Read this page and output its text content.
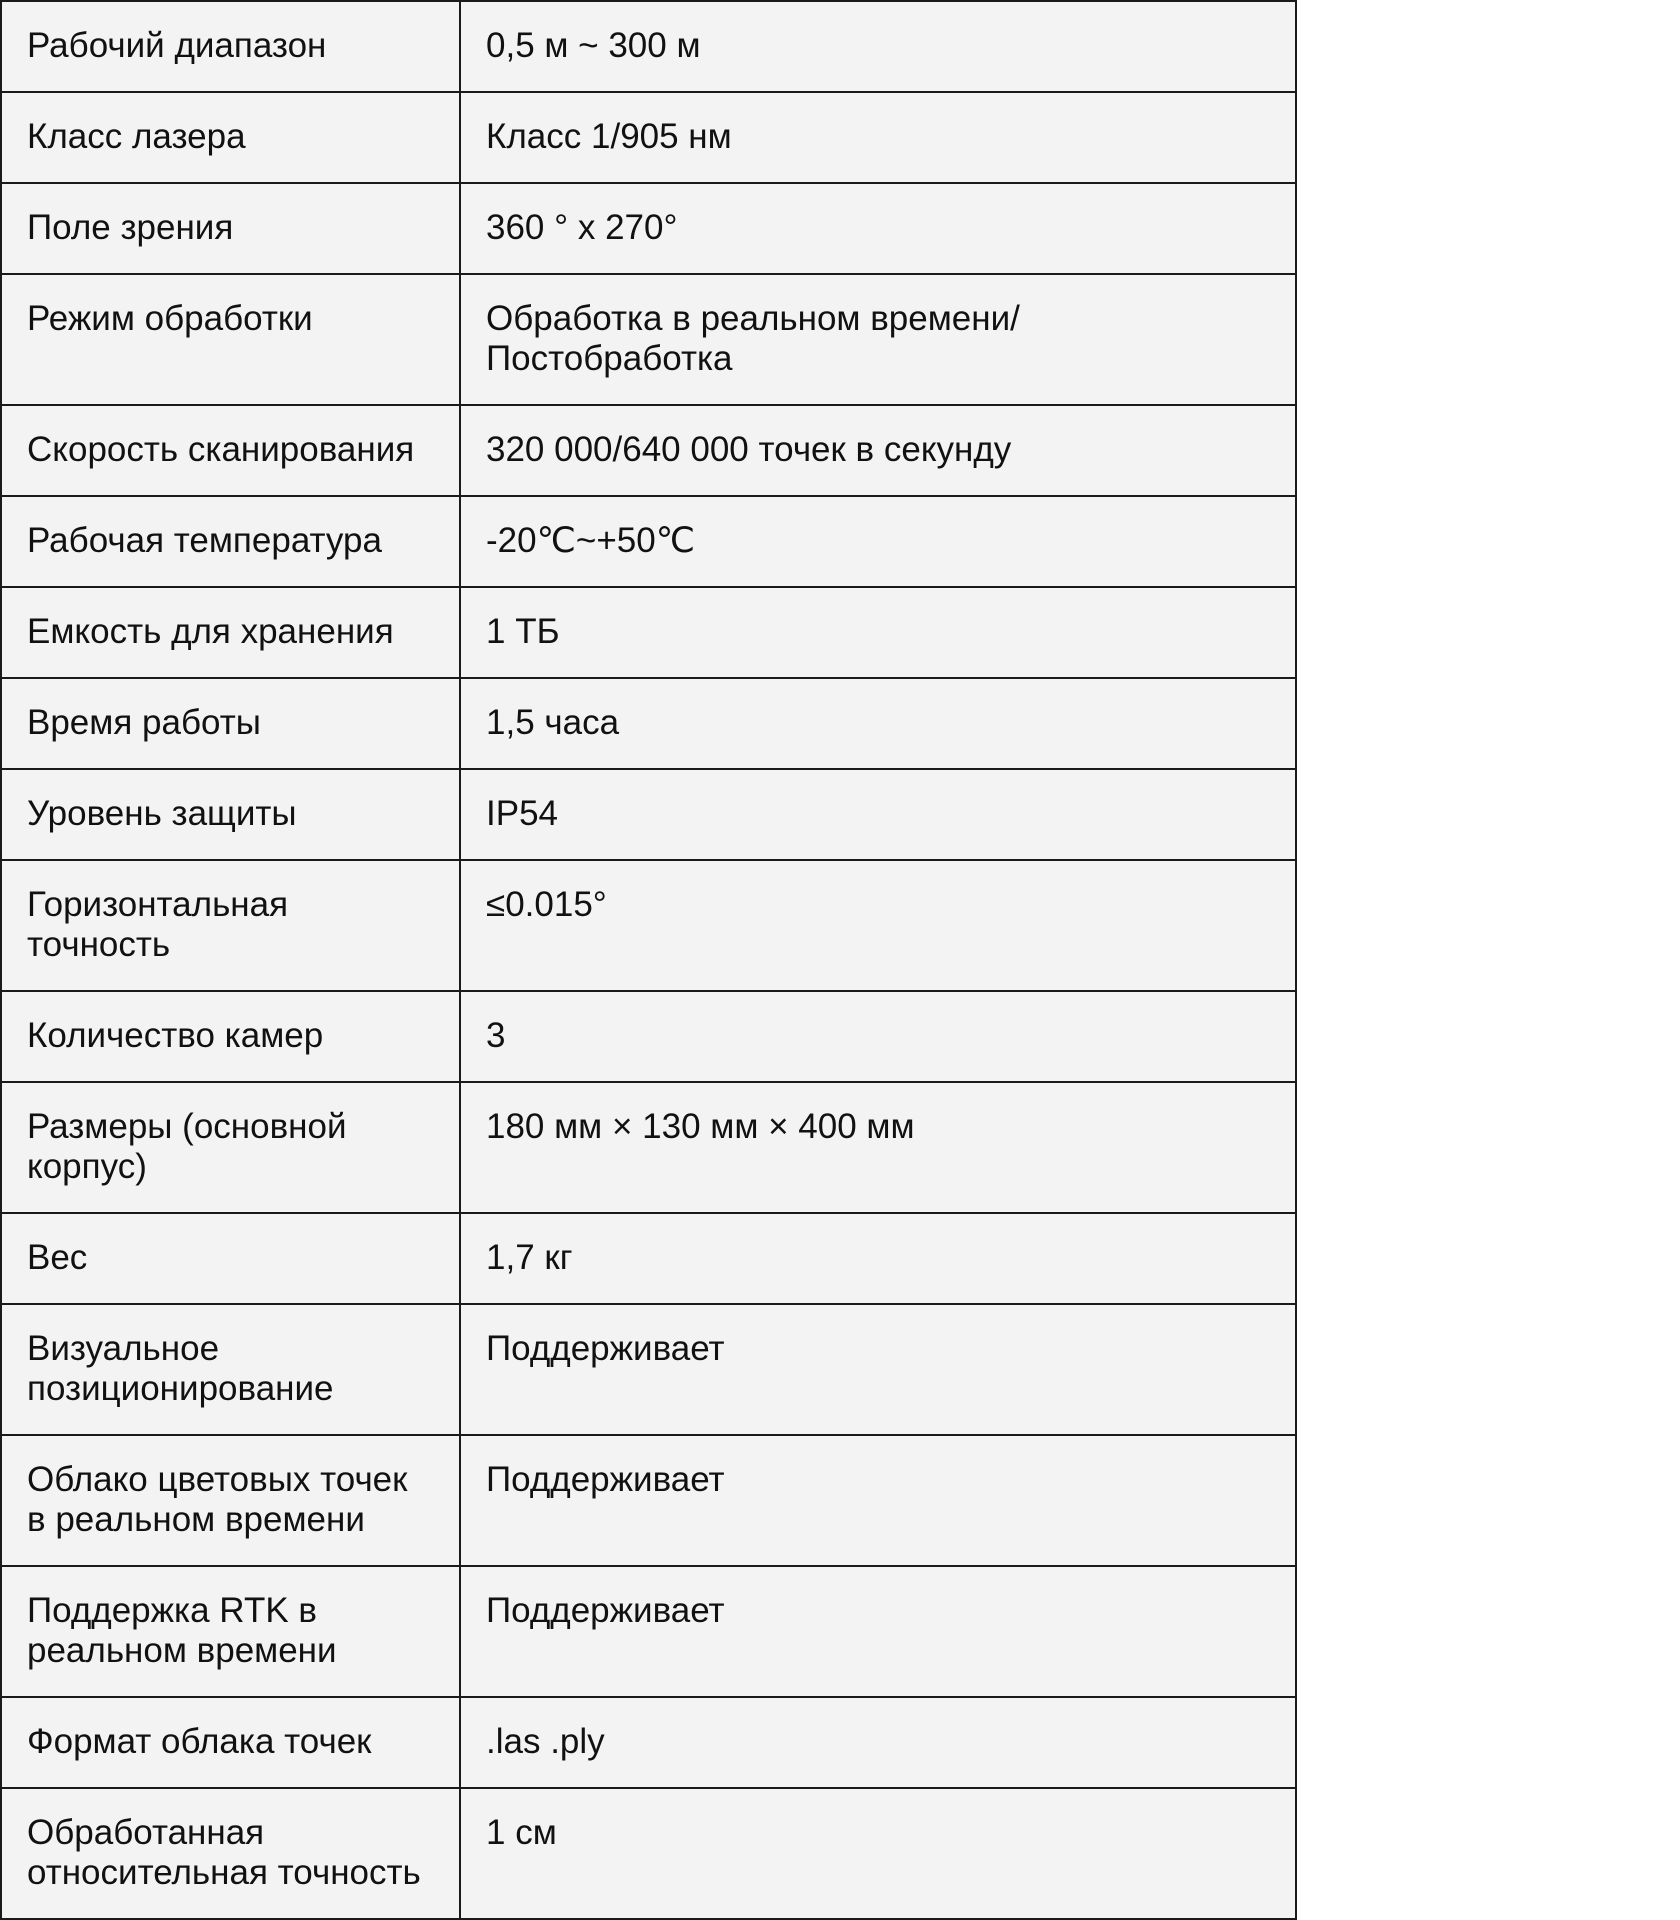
Рабочий диапазон	0,5 м ~ 300 м
Класс лазера	Класс 1/905 нм
Поле зрения	360 ° x 270°
Режим обработки	Обработка в реальном времени/
Постобработка
Скорость сканирования	320 000/640 000 точек в секунду
Рабочая температура	-20℃~+50℃
Емкость для хранения	1 ТБ
Время работы	1,5 часа
Уровень защиты	IP54
Горизонтальная
точность	≤0.015°
Количество камер	3
Размеры (основной
корпус)	180 мм × 130 мм × 400 мм
Вес	1,7 кг
Визуальное
позиционирование	Поддерживает
Облако цветовых точек
в реальном времени	Поддерживает
Поддержка RTK в
реальном времени	Поддерживает
Формат облака точек	.las .ply
Обработанная
относительная точность	1 см
